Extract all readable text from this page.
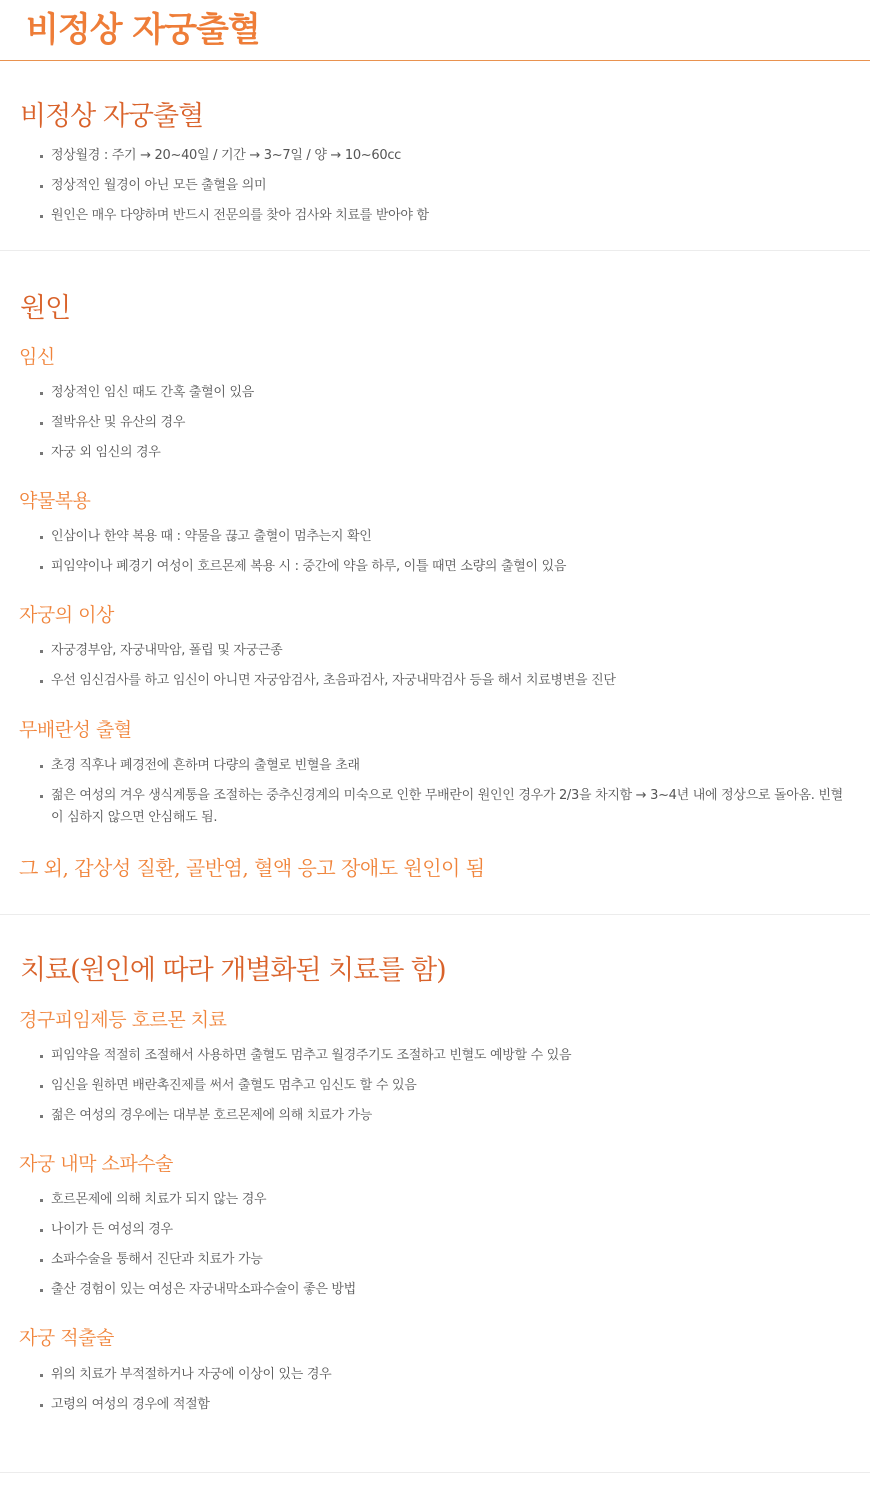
비정상 자궁출혈
비정상 자궁출혈
정상월경 : 주기 → 20~40일 / 기간 → 3~7일 / 양 → 10~60cc
정상적인 월경이 아닌 모든 출혈을 의미
원인은 매우 다양하며 반드시 전문의를 찾아 검사와 치료를 받아야 함
원인
임신
정상적인 임신 때도 간혹 출혈이 있음
절박유산 및 유산의 경우
자궁 외 임신의 경우
약물복용
인삼이나 한약 복용 때 : 약물을 끊고 출혈이 멈추는지 확인
피임약이나 폐경기 여성이 호르몬제 복용 시 : 중간에 약을 하루, 이틀 때면 소량의 출혈이 있음
자궁의 이상
자궁경부암, 자궁내막암, 폴립 및 자궁근종
우선 임신검사를 하고 임신이 아니면 자궁암검사, 초음파검사, 자궁내막검사 등을 해서 치료병변을 진단
무배란성 출혈
초경 직후나 폐경전에 흔하며 다량의 출혈로 빈혈을 초래
젊은 여성의 겨우 생식계통을 조절하는 중추신경계의 미숙으로 인한 무배란이 원인인 경우가 2/3을 차지함 → 3~4년 내에 정상으로 돌아옴. 빈혈이 심하지 않으면 안심해도 됨.
그 외, 갑상성 질환, 골반염, 혈액 응고 장애도 원인이 됨
치료(원인에 따라 개별화된 치료를 함)
경구피임제등 호르몬 치료
피임약을 적절히 조절해서 사용하면 출혈도 멈추고 월경주기도 조절하고 빈혈도 예방할 수 있음
임신을 원하면 배란촉진제를 써서 출혈도 멈추고 임신도 할 수 있음
젊은 여성의 경우에는 대부분 호르몬제에 의해 치료가 가능
자궁 내막 소파수술
호르몬제에 의해 치료가 되지 않는 경우
나이가 든 여성의 경우
소파수술을 통해서 진단과 치료가 가능
출산 경험이 있는 여성은 자궁내막소파수술이 좋은 방법
자궁 적출술
위의 치료가 부적절하거나 자궁에 이상이 있는 경우
고령의 여성의 경우에 적절함
